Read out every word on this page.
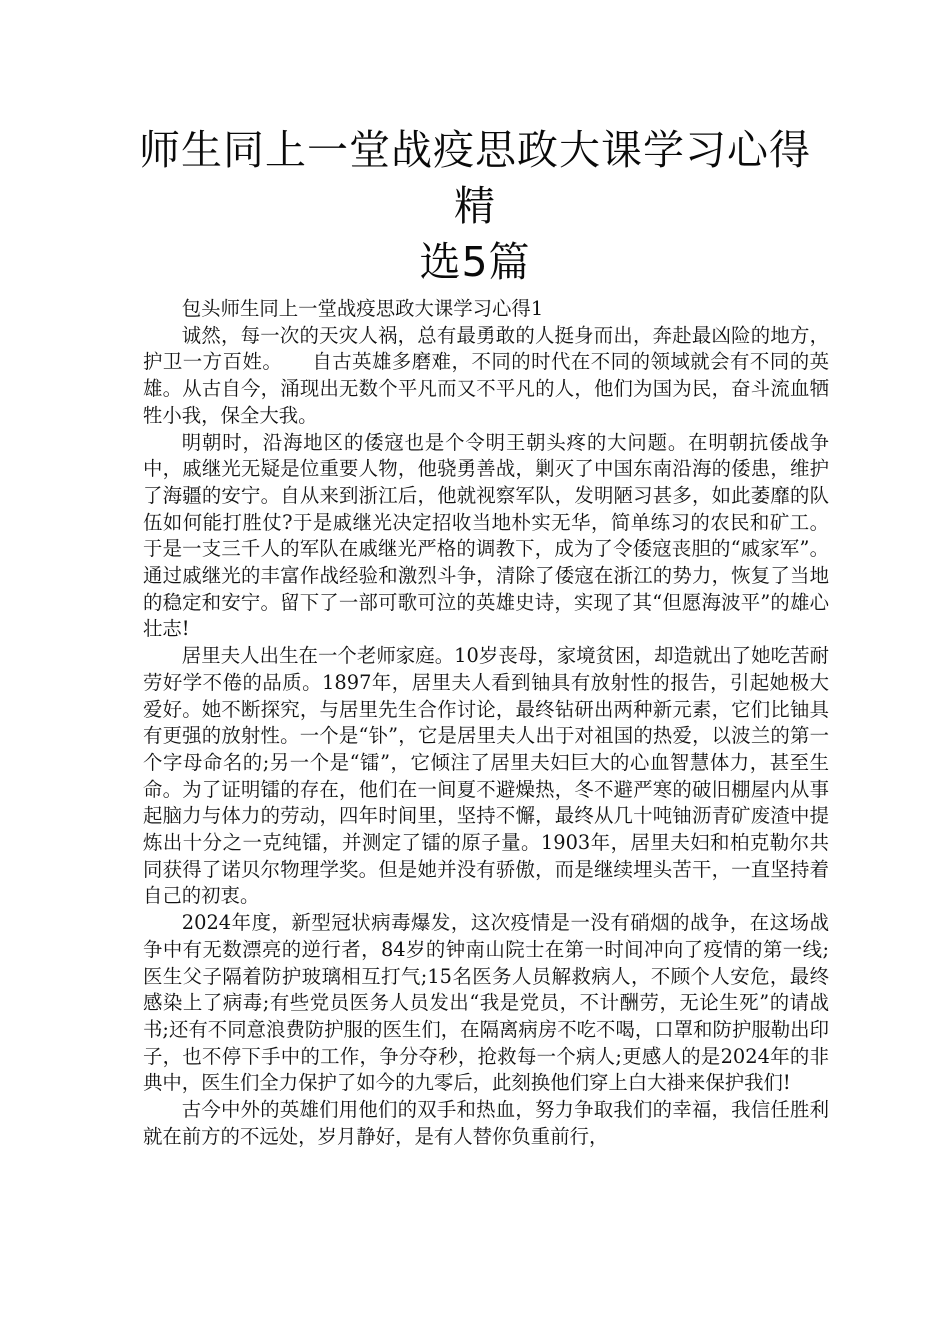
师生同上一堂战疫思政大课学习心得精
选5篇

包头师生同上一堂战疫思政大课学习心得1

诚然，每一次的天灾人祸，总有最勇敢的人挺身而出，奔赴最凶险的地方，护卫一方百姓。　　自古英雄多磨难，不同的时代在不同的领域就会有不同的英雄。从古自今，涌现出无数个平凡而又不平凡的人，他们为国为民，奋斗流血牺牲小我，保全大我。

明朝时，沿海地区的倭寇也是个令明王朝头疼的大问题。在明朝抗倭战争中，戚继光无疑是位重要人物，他骁勇善战，剿灭了中国东南沿海的倭患，维护了海疆的安宁。自从来到浙江后，他就视察军队，发明陋习甚多，如此萎靡的队伍如何能打胜仗?于是戚继光决定招收当地朴实无华，简单练习的农民和矿工。于是一支三千人的军队在戚继光严格的调教下，成为了令倭寇丧胆的“戚家军”。通过戚继光的丰富作战经验和激烈斗争，清除了倭寇在浙江的势力，恢复了当地的稳定和安宁。留下了一部可歌可泣的英雄史诗，实现了其“但愿海波平”的雄心壮志!

居里夫人出生在一个老师家庭。10岁丧母，家境贫困，却造就出了她吃苦耐劳好学不倦的品质。1897年，居里夫人看到铀具有放射性的报告，引起她极大爱好。她不断探究，与居里先生合作讨论，最终钻研出两种新元素，它们比铀具有更强的放射性。一个是“钋”，它是居里夫人出于对祖国的热爱，以波兰的第一个字母命名的;另一个是“镭”，它倾注了居里夫妇巨大的心血智慧体力，甚至生命。为了证明镭的存在，他们在一间夏不避燥热，冬不避严寒的破旧棚屋内从事起脑力与体力的劳动，四年时间里，坚持不懈，最终从几十吨铀沥青矿废渣中提炼出十分之一克纯镭，并测定了镭的原子量。1903年，居里夫妇和柏克勒尔共同获得了诺贝尔物理学奖。但是她并没有骄傲，而是继续埋头苦干，一直坚持着自己的初衷。

2024年度，新型冠状病毒爆发，这次疫情是一没有硝烟的战争，在这场战争中有无数漂亮的逆行者，84岁的钟南山院士在第一时间冲向了疫情的第一线;医生父子隔着防护玻璃相互打气;15名医务人员解救病人，不顾个人安危，最终感染上了病毒;有些党员医务人员发出“我是党员，不计酬劳，无论生死”的请战书;还有不同意浪费防护服的医生们，在隔离病房不吃不喝，口罩和防护服勒出印子，也不停下手中的工作，争分夺秒，抢救每一个病人;更感人的是2024年的非典中，医生们全力保护了如今的九零后，此刻换他们穿上白大褂来保护我们!

古今中外的英雄们用他们的双手和热血，努力争取我们的幸福，我信任胜利就在前方的不远处，岁月静好，是有人替你负重前行，
